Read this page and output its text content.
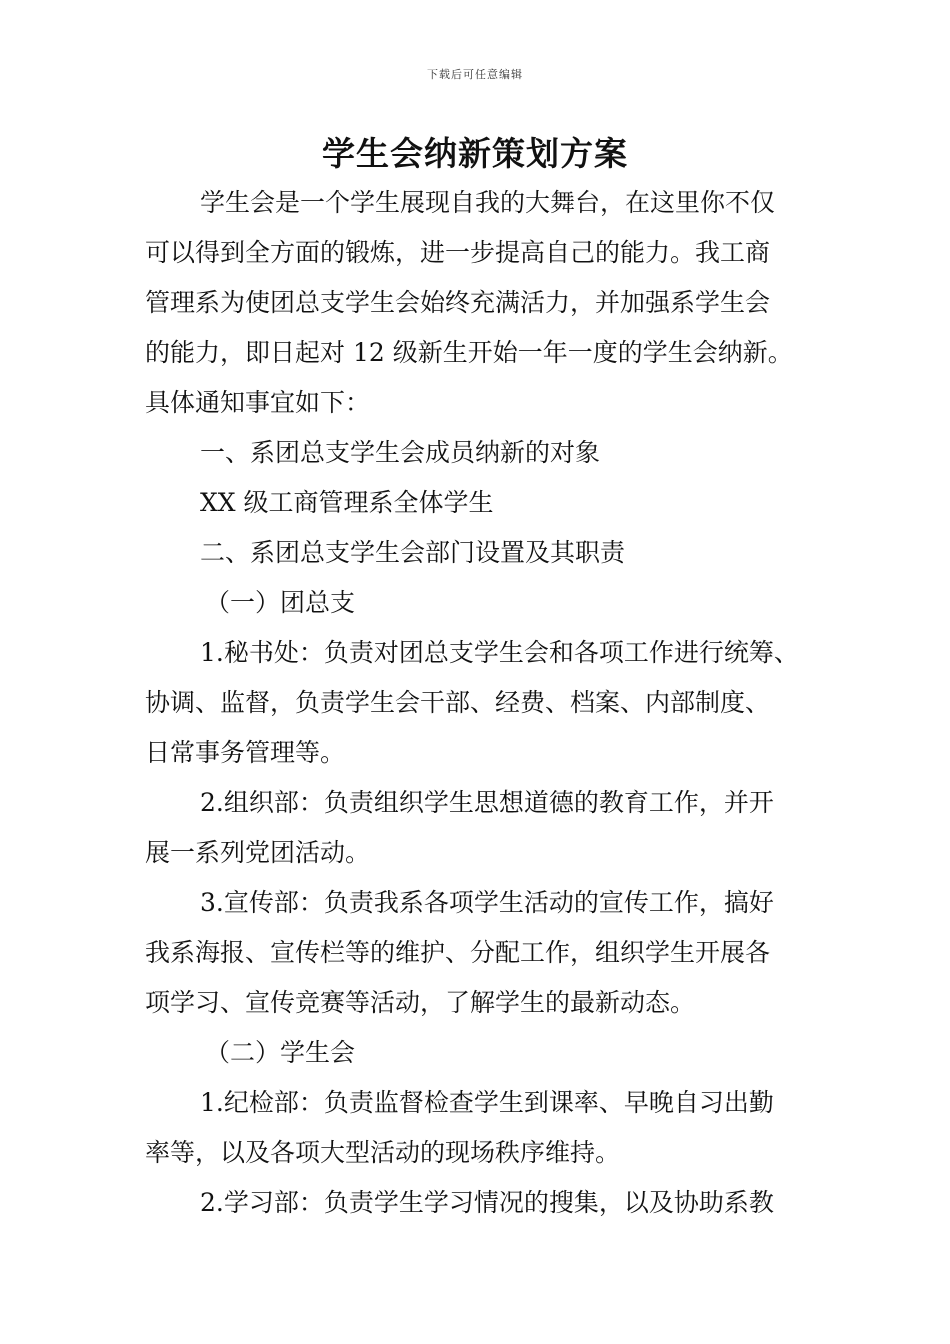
下载后可任意编辑
学生会纳新策划方案

学生会是一个学生展现自我的大舞台，在这里你不仅

可以得到全方面的锻炼，进一步提高自己的能力。我工商

管理系为使团总支学生会始终充满活力，并加强系学生会

的能力，即日起对 12 级新生开始一年一度的学生会纳新。

具体通知事宜如下：

一、系团总支学生会成员纳新的对象

XX 级工商管理系全体学生

二、系团总支学生会部门设置及其职责

（一）团总支

1.秘书处：负责对团总支学生会和各项工作进行统筹、

协调、监督，负责学生会干部、经费、档案、内部制度、

日常事务管理等。

2.组织部：负责组织学生思想道德的教育工作，并开

展一系列党团活动。

3.宣传部：负责我系各项学生活动的宣传工作，搞好

我系海报、宣传栏等的维护、分配工作，组织学生开展各

项学习、宣传竞赛等活动，了解学生的最新动态。

（二）学生会

1.纪检部：负责监督检查学生到课率、早晚自习出勤

率等，以及各项大型活动的现场秩序维持。

2.学习部：负责学生学习情况的搜集，以及协助系教
